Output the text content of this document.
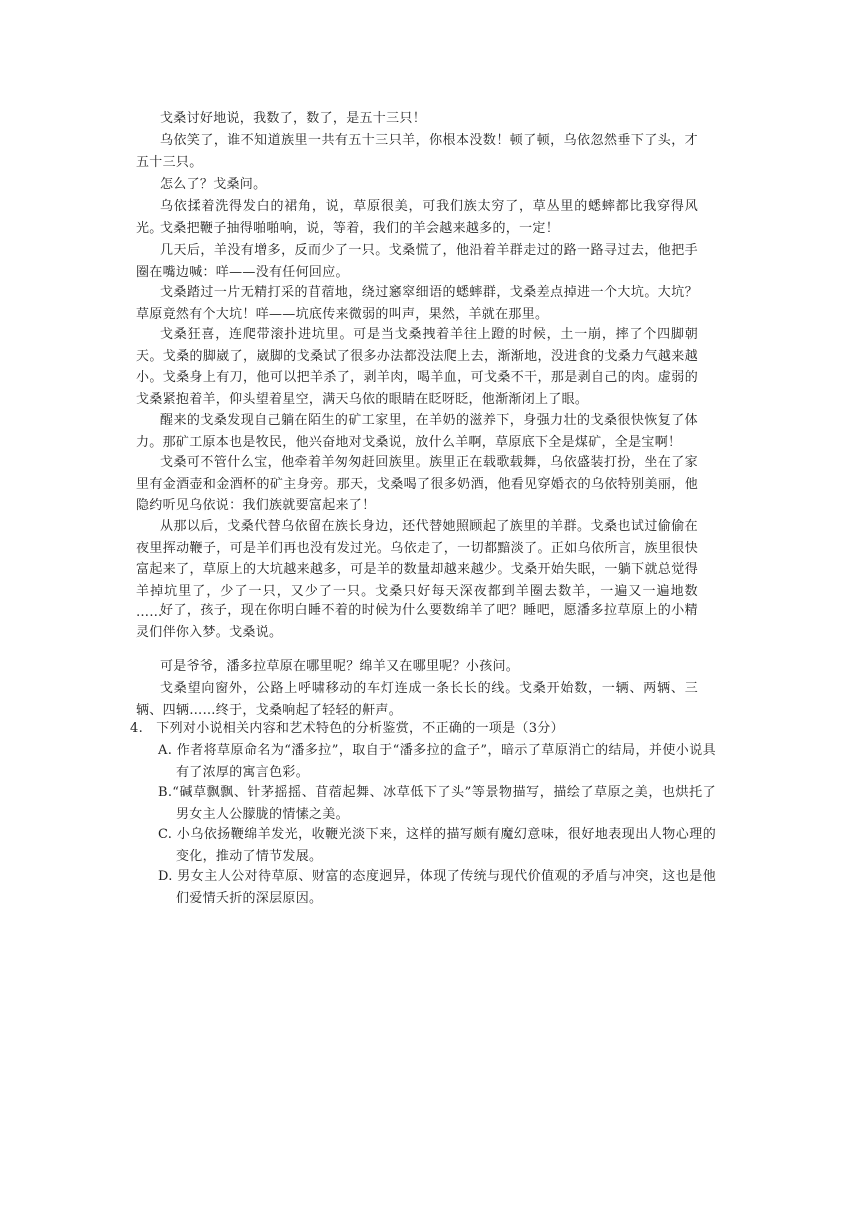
戈桑讨好地说，我数了，数了，是五十三只！

乌依笑了，谁不知道族里一共有五十三只羊，你根本没数！顿了顿，乌依忽然垂下了头，才五十三只。

怎么了？戈桑问。

乌依揉着洗得发白的裙角，说，草原很美，可我们族太穷了，草丛里的蟋蟀都比我穿得风光。

戈桑把鞭子抽得啪啪响，说，等着，我们的羊会越来越多的，一定！

几天后，羊没有增多，反而少了一只。戈桑慌了，他沿着羊群走过的路一路寻过去，他把手圈在嘴边喊：咩——没有任何回应。

戈桑踏过一片无精打采的苜蓿地，绕过窸窣细语的蟋蟀群，戈桑差点掉进一个大坑。大坑？草原竟然有个大坑！咩——坑底传来微弱的叫声，果然，羊就在那里。

戈桑狂喜，连爬带滚扑进坑里。可是当戈桑拽着羊往上蹬的时候，土一崩，摔了个四脚朝天。戈桑的脚崴了，崴脚的戈桑试了很多办法都没法爬上去，渐渐地，没进食的戈桑力气越来越小。戈桑身上有刀，他可以把羊杀了，剥羊肉，喝羊血，可戈桑不干，那是剥自己的肉。虚弱的戈桑紧抱着羊，仰头望着星空，满天乌依的眼睛在眨呀眨，他渐渐闭上了眼。

醒来的戈桑发现自己躺在陌生的矿工家里，在羊奶的滋养下，身强力壮的戈桑很快恢复了体力。那矿工原本也是牧民，他兴奋地对戈桑说，放什么羊啊，草原底下全是煤矿，全是宝啊！

戈桑可不管什么宝，他牵着羊匆匆赶回族里。族里正在载歌载舞，乌依盛装打扮，坐在了家里有金酒壶和金酒杯的矿主身旁。那天，戈桑喝了很多奶酒，他看见穿婚衣的乌依特别美丽，他隐约听见乌依说：我们族就要富起来了！

从那以后，戈桑代替乌依留在族长身边，还代替她照顾起了族里的羊群。戈桑也试过偷偷在夜里挥动鞭子，可是羊们再也没有发过光。乌依走了，一切都黯淡了。正如乌依所言，族里很快富起来了，草原上的大坑越来越多，可是羊的数量却越来越少。戈桑开始失眠，一躺下就总觉得羊掉坑里了，少了一只，又少了一只。戈桑只好每天深夜都到羊圈去数羊，一遍又一遍地数 ……

好了，孩子，现在你明白睡不着的时候为什么要数绵羊了吧？睡吧，愿潘多拉草原上的小精灵们伴你入梦。戈桑说。

可是爷爷，潘多拉草原在哪里呢？绵羊又在哪里呢？小孩问。

戈桑望向窗外，公路上呼啸移动的车灯连成一条长长的线。戈桑开始数，一辆、两辆、三辆、四辆……终于，戈桑响起了轻轻的鼾声。

4.　下列对小说相关内容和艺术特色的分析鉴赏，不正确的一项是（3分）

A. 作者将草原命名为“潘多拉”，取自于“潘多拉的盒子”，暗示了草原消亡的结局，并使小说具有了浓厚的寓言色彩。

B.“碱草飘飘、针茅摇摇、苜蓿起舞、冰草低下了头”等景物描写，描绘了草原之美，也烘托了男女主人公朦胧的情愫之美。

C. 小乌依扬鞭绵羊发光，收鞭光淡下来，这样的描写颇有魔幻意味，很好地表现出人物心理的变化，推动了情节发展。

D. 男女主人公对待草原、财富的态度迥异，体现了传统与现代价值观的矛盾与冲突，这也是他们爱情夭折的深层原因。
